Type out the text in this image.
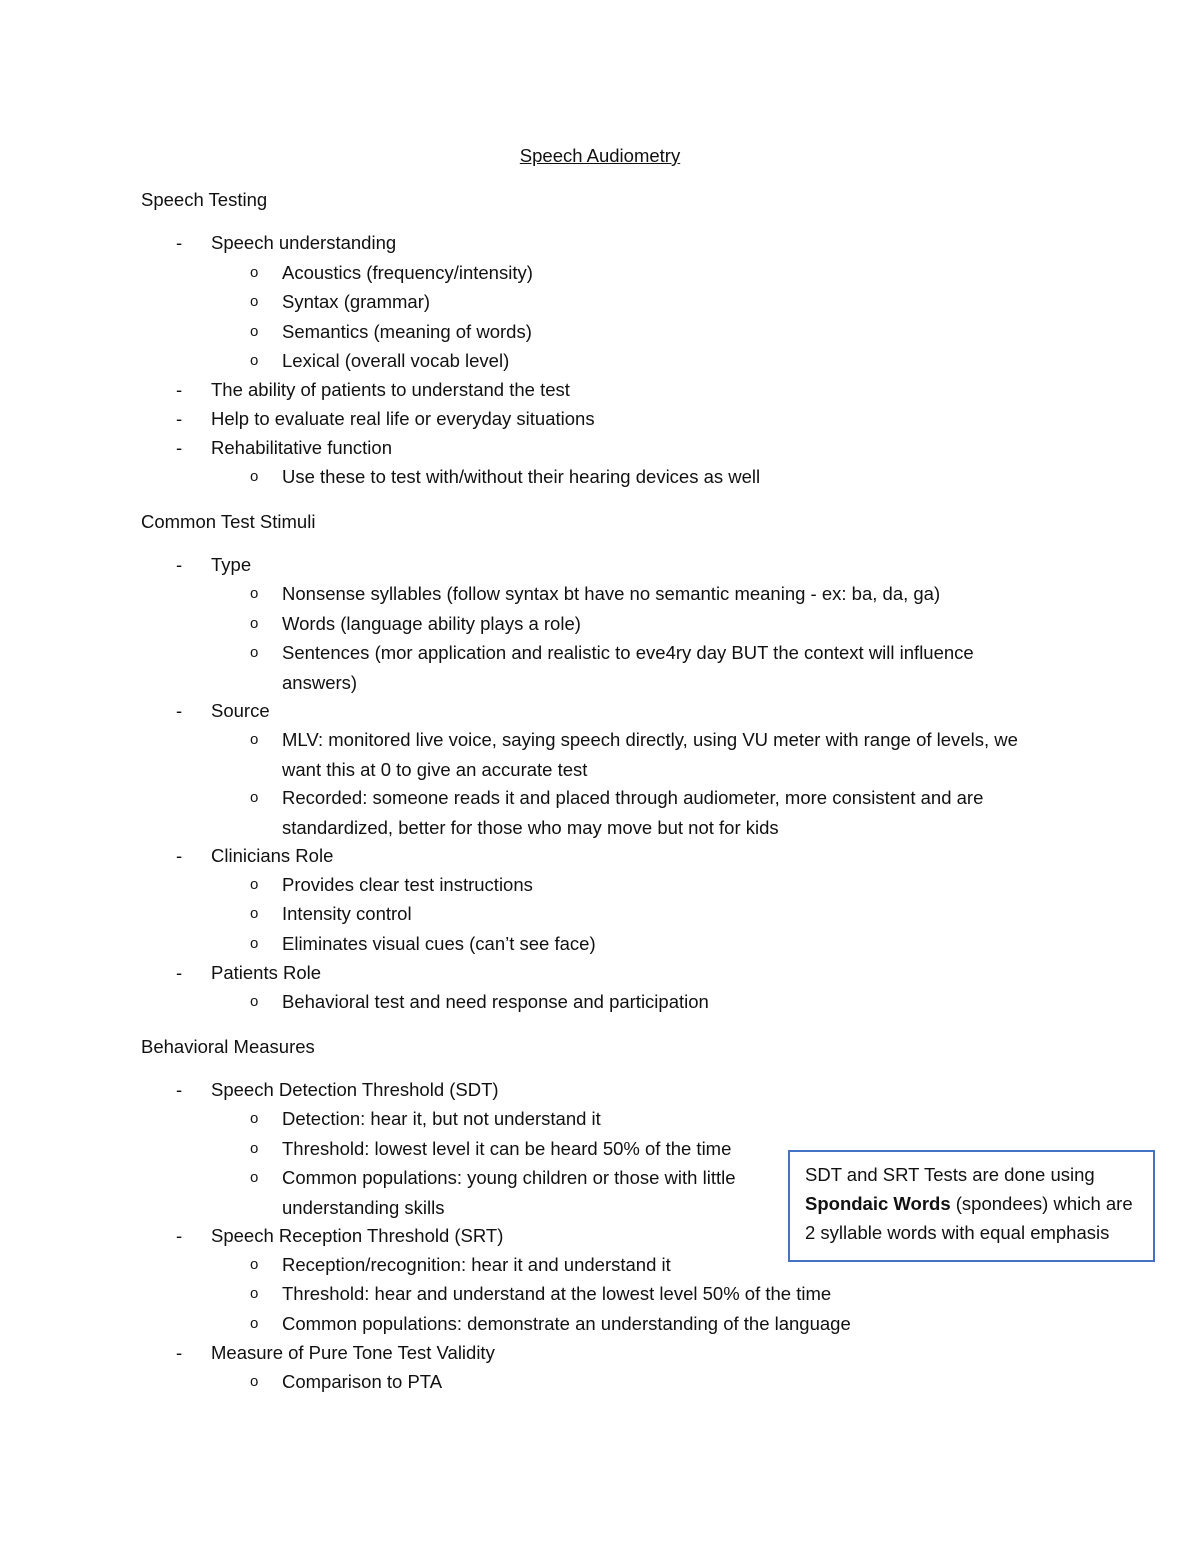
Speech Audiometry
Speech Testing
- Speech understanding
o Acoustics (frequency/intensity)
o Syntax (grammar)
o Semantics (meaning of words)
o Lexical (overall vocab level)
- The ability of patients to understand the test
- Help to evaluate real life or everyday situations
- Rehabilitative function
o Use these to test with/without their hearing devices as well
Common Test Stimuli
- Type
o Nonsense syllables (follow syntax bt have no semantic meaning - ex: ba, da, ga)
o Words (language ability plays a role)
o Sentences (mor application and realistic to eve4ry day BUT the context will influence answers)
- Source
o MLV: monitored live voice, saying speech directly, using VU meter with range of levels, we want this at 0 to give an accurate test
o Recorded: someone reads it and placed through audiometer, more consistent and are standardized, better for those who may move but not for kids
- Clinicians Role
o Provides clear test instructions
o Intensity control
o Eliminates visual cues (can’t see face)
- Patients Role
o Behavioral test and need response and participation
Behavioral Measures
- Speech Detection Threshold (SDT)
o Detection: hear it, but not understand it
o Threshold: lowest level it can be heard 50% of the time
o Common populations: young children or those with little understanding skills
- Speech Reception Threshold (SRT)
o Reception/recognition: hear it and understand it
o Threshold: hear and understand at the lowest level 50% of the time
o Common populations: demonstrate an understanding of the language
- Measure of Pure Tone Test Validity
o Comparison to PTA
SDT and SRT Tests are done using Spondaic Words (spondees) which are 2 syllable words with equal emphasis
